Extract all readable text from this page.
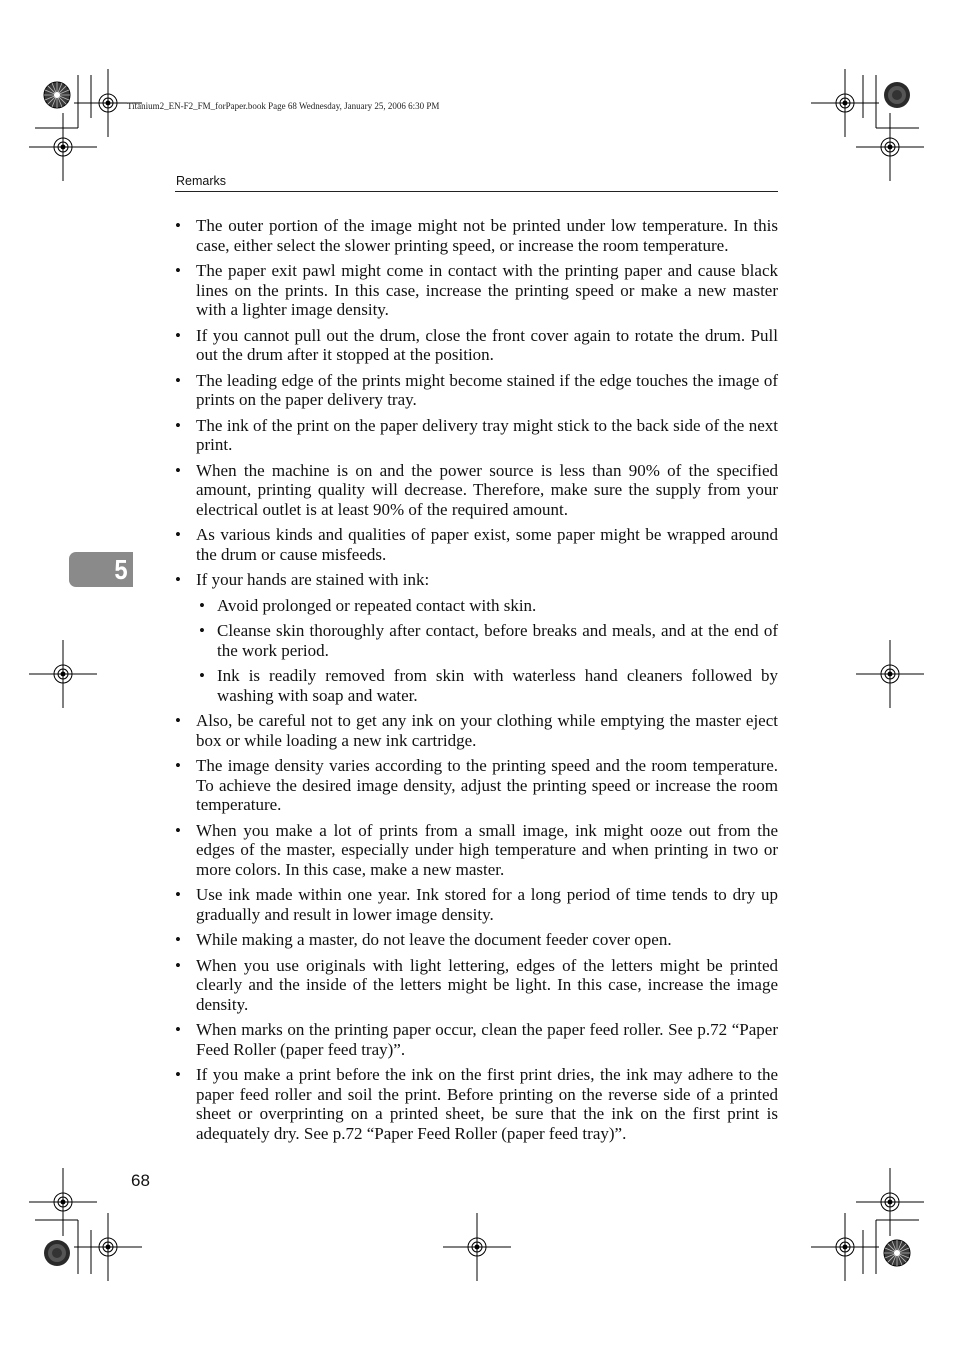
Titanium2_EN-F2_FM_forPaper.book Page 68 Wednesday, January 25, 2006 6:30 PM
Remarks
5
• The outer portion of the image might not be printed under low temperature. In this case, either select the slower printing speed, or increase the room temperature.
• The paper exit pawl might come in contact with the printing paper and cause black lines on the prints. In this case, increase the printing speed or make a new master with a lighter image density.
• If you cannot pull out the drum, close the front cover again to rotate the drum. Pull out the drum after it stopped at the position.
• The leading edge of the prints might become stained if the edge touches the image of prints on the paper delivery tray.
• The ink of the print on the paper delivery tray might stick to the back side of the next print.
• When the machine is on and the power source is less than 90% of the specified amount, printing quality will decrease. Therefore, make sure the supply from your electrical outlet is at least 90% of the required amount.
• As various kinds and qualities of paper exist, some paper might be wrapped around the drum or cause misfeeds.
• If your hands are stained with ink:
• Avoid prolonged or repeated contact with skin.
• Cleanse skin thoroughly after contact, before breaks and meals, and at the end of the work period.
• Ink is readily removed from skin with waterless hand cleaners followed by washing with soap and water.
• Also, be careful not to get any ink on your clothing while emptying the master eject box or while loading a new ink cartridge.
• The image density varies according to the printing speed and the room temperature. To achieve the desired image density, adjust the printing speed or increase the room temperature.
• When you make a lot of prints from a small image, ink might ooze out from the edges of the master, especially under high temperature and when printing in two or more colors. In this case, make a new master.
• Use ink made within one year. Ink stored for a long period of time tends to dry up gradually and result in lower image density.
• While making a master, do not leave the document feeder cover open.
• When you use originals with light lettering, edges of the letters might be printed clearly and the inside of the letters might be light. In this case, increase the image density.
• When marks on the printing paper occur, clean the paper feed roller. See p.72 “Paper Feed Roller (paper feed tray)”.
• If you make a print before the ink on the first print dries, the ink may adhere to the paper feed roller and soil the print. Before printing on the reverse side of a printed sheet or overprinting on a printed sheet, be sure that the ink on the first print is adequately dry. See p.72 “Paper Feed Roller (paper feed tray)”.
68
